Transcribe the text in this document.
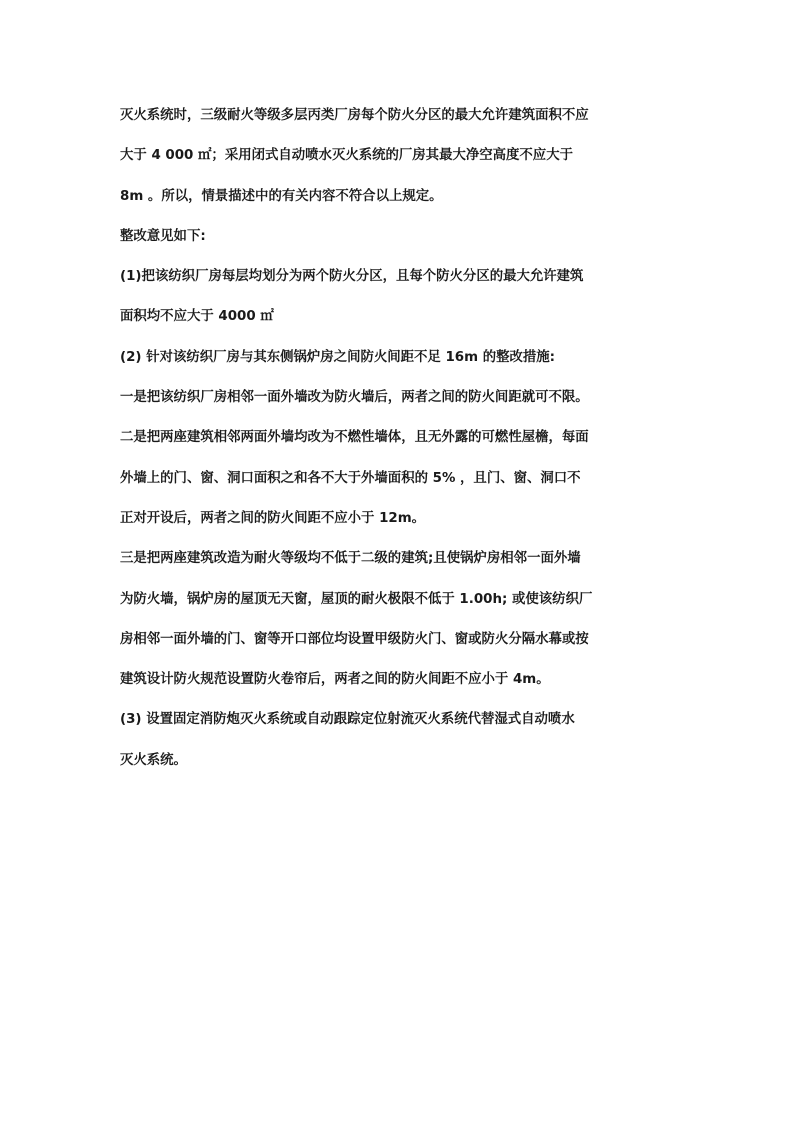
灭火系统时，三级耐火等级多层丙类厂房每个防火分区的最大允许建筑面积不应
大于 4 000 ㎡；采用闭式自动喷水灭火系统的厂房其最大净空高度不应大于
8m 。所以，情景描述中的有关内容不符合以上规定。
整改意见如下:
(1)把该纺织厂房每层均划分为两个防火分区，且每个防火分区的最大允许建筑
面积均不应大于 4000 ㎡
(2) 针对该纺织厂房与其东侧锅炉房之间防火间距不足 16m 的整改措施:
一是把该纺织厂房相邻一面外墙改为防火墙后，两者之间的防火间距就可不限。
二是把两座建筑相邻两面外墙均改为不燃性墙体，且无外露的可燃性屋檐，每面
外墙上的门、窗、洞口面积之和各不大于外墙面积的 5% ，且门、窗、洞口不
正对开设后，两者之间的防火间距不应小于 12m。
三是把两座建筑改造为耐火等级均不低于二级的建筑;且使锅炉房相邻一面外墙
为防火墙，锅炉房的屋顶无天窗，屋顶的耐火极限不低于 1.00h; 或使该纺织厂
房相邻一面外墙的门、窗等开口部位均设置甲级防火门、窗或防火分隔水幕或按
建筑设计防火规范设置防火卷帘后，两者之间的防火间距不应小于 4m。
(3) 设置固定消防炮灭火系统或自动跟踪定位射流灭火系统代替湿式自动喷水
灭火系统。
